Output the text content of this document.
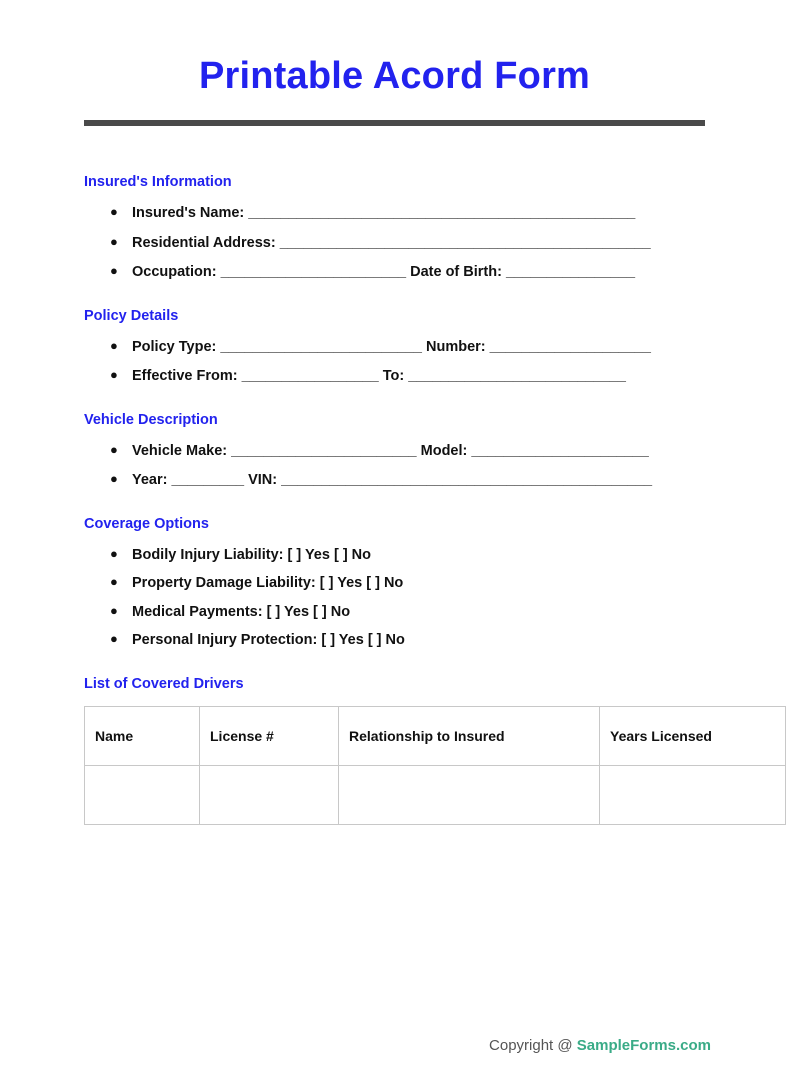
Printable Acord Form
Insured's Information
● Insured's Name: ________________________________________________
● Residential Address: ______________________________________________
● Occupation: _______________________ Date of Birth: ________________
Policy Details
● Policy Type: _________________________ Number: ____________________
● Effective From: _________________ To: ___________________________
Vehicle Description
● Vehicle Make: _______________________ Model: ______________________
● Year: _________ VIN: ______________________________________________
Coverage Options
● Bodily Injury Liability: [ ] Yes [ ] No
● Property Damage Liability: [ ] Yes [ ] No
● Medical Payments: [ ] Yes [ ] No
● Personal Injury Protection: [ ] Yes [ ] No
List of Covered Drivers
Name	License #	Relationship to Insured	Years Licensed

Copyright @ SampleForms.com
